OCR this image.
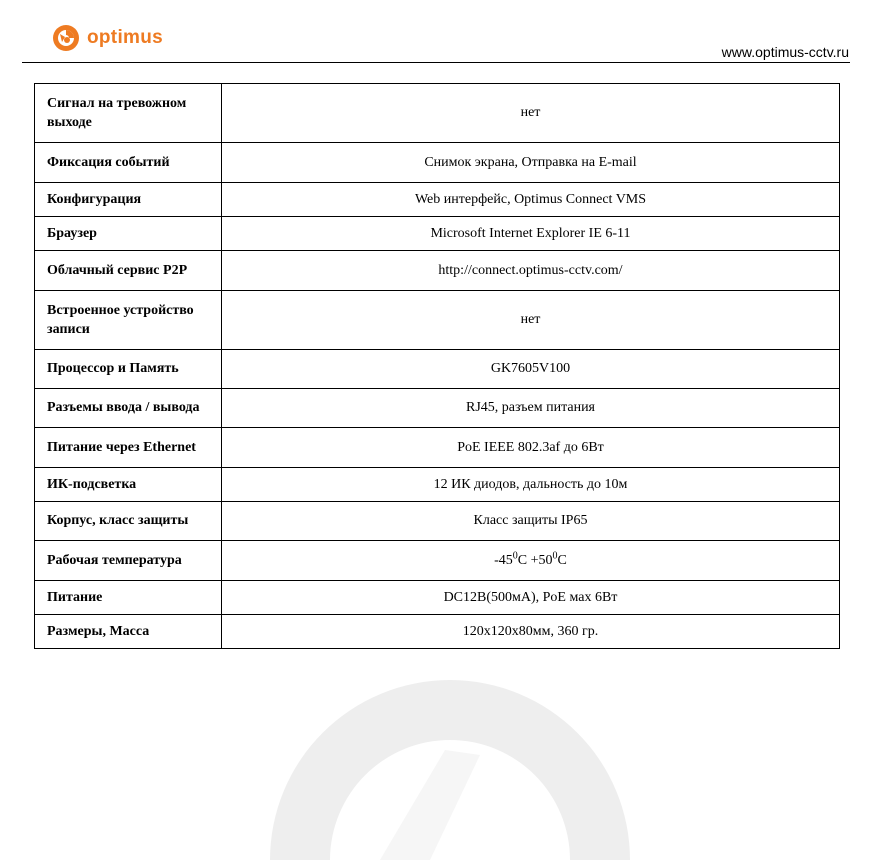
optimus
www.optimus-cctv.ru
Сигнал на тревожном выходе	нет
Фиксация событий	Снимок экрана, Отправка на E-mail
Конфигурация	Web интерфейс, Optimus Connect VMS
Браузер	Microsoft Internet Explorer IE 6-11
Облачный сервис P2P	http://connect.optimus-cctv.com/
Встроенное устройство записи	нет
Процессор и Память	GK7605V100
Разъемы ввода / вывода	RJ45, разъем питания
Питание через Ethernet	PoE IEEE 802.3af до 6Вт
ИК-подсветка	12 ИК диодов, дальность до 10м
Корпус, класс защиты	Класс защиты IP65
Рабочая температура	$-45^0C +50^0C$
Питание	DC12В(500мА), PoE мах 6Вт
Размеры, Масса	120х120х80мм, 360 гр.
